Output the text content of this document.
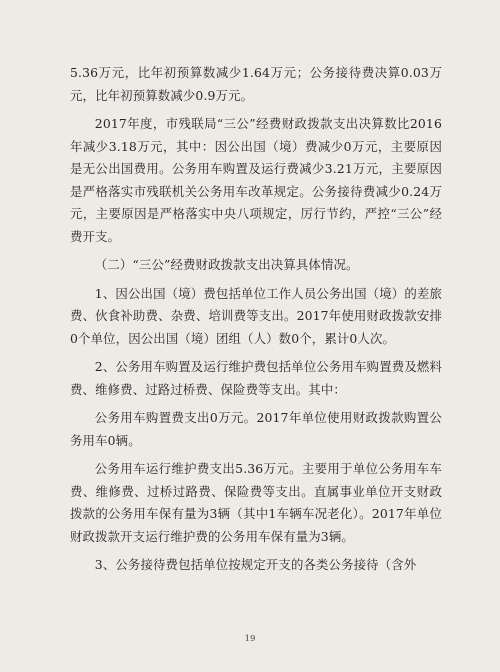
5.36万元，比年初预算数减少1.64万元；公务接待费决算0.03万元，比年初预算数减少0.9万元。

2017年度，市残联局“三公”经费财政拨款支出决算数比2016年减少3.18万元，其中：因公出国（境）费减少0万元，主要原因是无公出国费用。公务用车购置及运行费减少3.21万元，主要原因是严格落实市残联机关公务用车改革规定。公务接待费减少0.24万元，主要原因是严格落实中央八项规定，厉行节约，严控“三公”经费开支。

（二）“三公”经费财政拨款支出决算具体情况。

1、因公出国（境）费包括单位工作人员公务出国（境）的差旅费、伙食补助费、杂费、培训费等支出。2017年使用财政拨款安排0个单位，因公出国（境）团组（人）数0个，累计0人次。

2、公务用车购置及运行维护费包括单位公务用车购置费及燃料费、维修费、过路过桥费、保险费等支出。其中：

公务用车购置费支出0万元。2017年单位使用财政拨款购置公务用车0辆。

公务用车运行维护费支出5.36万元。主要用于单位公务用车车费、维修费、过桥过路费、保险费等支出。直属事业单位开支财政拨款的公务用车保有量为3辆（其中1车辆车况老化）。2017年单位财政拨款开支运行维护费的公务用车保有量为3辆。

3、公务接待费包括单位按规定开支的各类公务接待（含外

19
